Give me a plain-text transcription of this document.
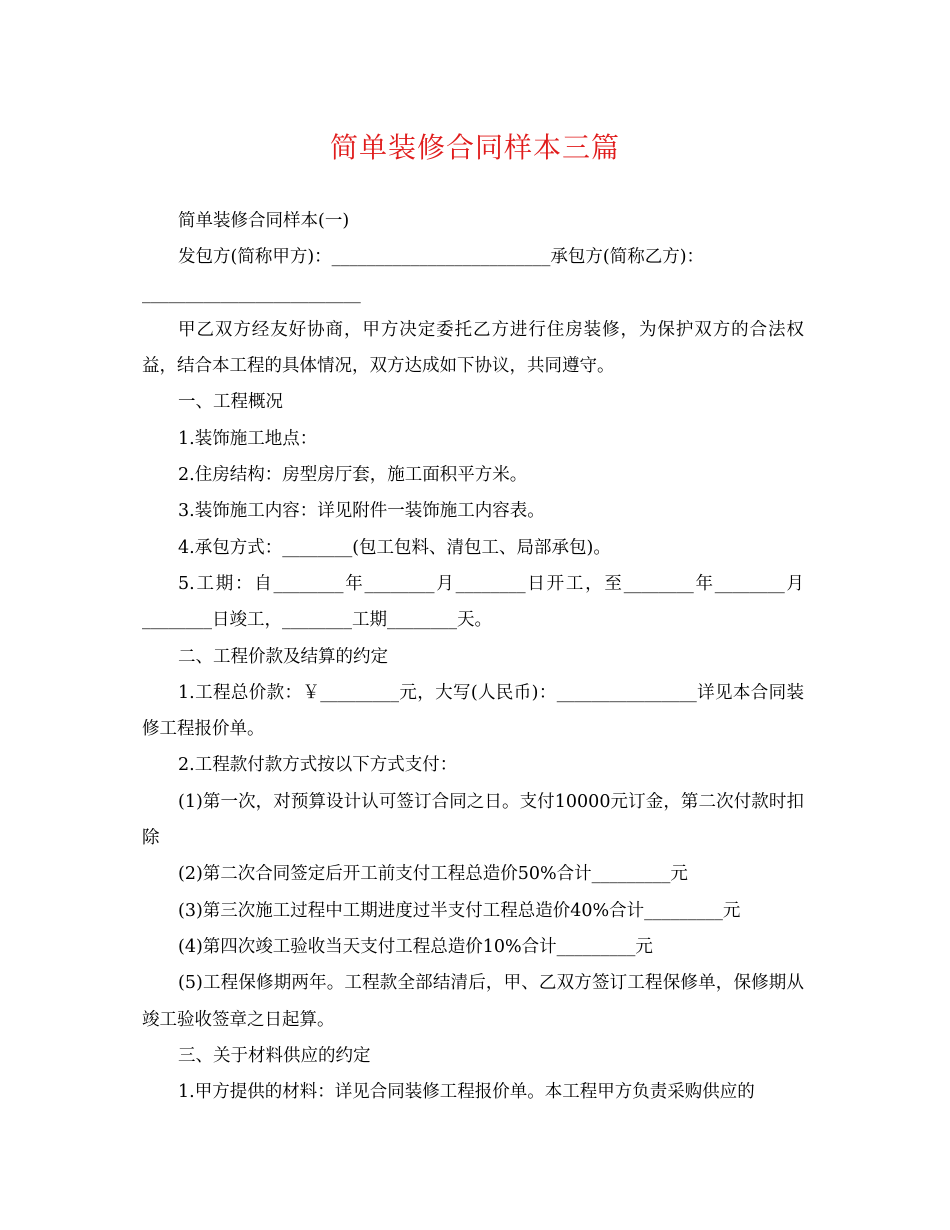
简单装修合同样本三篇

简单装修合同样本(一)

发包方(简称甲方)：_________________________承包方(简称乙方)：

_________________________

甲乙双方经友好协商，甲方决定委托乙方进行住房装修，为保护双方的合法权益，结合本工程的具体情况，双方达成如下协议，共同遵守。

一、工程概况

1.装饰施工地点：

2.住房结构：房型房厅套，施工面积平方米。

3.装饰施工内容：详见附件一装饰施工内容表。

4.承包方式：________(包工包料、清包工、局部承包)。

5.工期：自________年________月________日开工，至________年________月________日竣工，________工期________天。

二、工程价款及结算的约定

1.工程总价款：￥_________元，大写(人民币)：________________详见本合同装修工程报价单。

2.工程款付款方式按以下方式支付：

(1)第一次，对预算设计认可签订合同之日。支付10000元订金，第二次付款时扣除

(2)第二次合同签定后开工前支付工程总造价50%合计_________元

(3)第三次施工过程中工期进度过半支付工程总造价40%合计_________元

(4)第四次竣工验收当天支付工程总造价10%合计_________元

(5)工程保修期两年。工程款全部结清后，甲、乙双方签订工程保修单，保修期从竣工验收签章之日起算。

三、关于材料供应的约定

1.甲方提供的材料：详见合同装修工程报价单。本工程甲方负责采购供应的
